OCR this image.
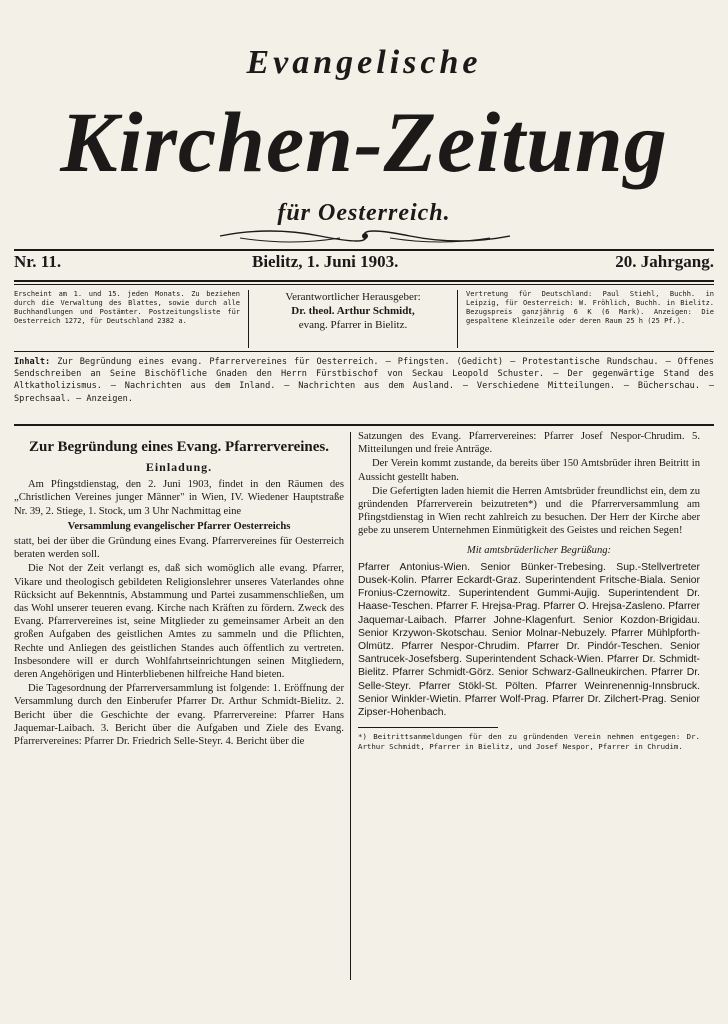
Evangelische
Kirchen-Zeitung
für Oesterreich.
Nr. 11.	Bielitz, 1. Juni 1903.	20. Jahrgang.
Erscheint am 1. und 15. jeden Monats. Zu beziehen durch die Verwaltung des Blattes, sowie durch alle Buchhandlungen und Postämter. Postzeitungsliste für Oesterreich 1272, für Deutschland 2382 a.
Verantwortlicher Herausgeber:
Dr. theol. Arthur Schmidt,
evang. Pfarrer in Bielitz.
Vertretung für Deutschland: Paul Stiehl, Buchh. in Leipzig, für Oesterreich: W. Fröhlich, Buchh. in Bielitz. Bezugspreis ganzjährig 6 K (6 Mark). Anzeigen: Die gespaltene Kleinzeile oder deren Raum 25 h (25 Pf.).
Inhalt: Zur Begründung eines evang. Pfarrervereines für Oesterreich. — Pfingsten. (Gedicht) — Protestantische Rundschau. — Offenes Sendschreiben an Seine Bischöfliche Gnaden den Herrn Fürstbischof von Seckau Leopold Schuster. — Der gegenwärtige Stand des Altkatholizismus. — Nachrichten aus dem Inland. — Nachrichten aus dem Ausland. — Verschiedene Mitteilungen. — Bücherschau. — Sprechsaal. — Anzeigen.
Zur Begründung eines Evang. Pfarrervereines.
Einladung.
Am Pfingstdienstag, den 2. Juni 1903, findet in den Räumen des „Christlichen Vereines junger Männer" in Wien, IV. Wiedener Hauptstraße Nr. 39, 2. Stiege, 1. Stock, um 3 Uhr Nachmittag eine
Versammlung evangelischer Pfarrer Oesterreichs
statt, bei der über die Gründung eines Evang. Pfarrervereines für Oesterreich beraten werden soll.
Die Not der Zeit verlangt es, daß sich womöglich alle evang. Pfarrer, Vikare und theologisch gebildeten Religionslehrer unseres Vaterlandes ohne Rücksicht auf Bekenntnis, Abstammung und Partei zusammenschließen, um das Wohl unserer teueren evang. Kirche nach Kräften zu fördern. Zweck des Evang. Pfarrervereines ist, seine Mitglieder zu gemeinsamer Arbeit an den großen Aufgaben des geistlichen Amtes zu sammeln und die Pflichten, Rechte und Anliegen des geistlichen Standes auch öffentlich zu vertreten. Insbesondere will er durch Wohlfahrtseinrichtungen seinen Mitgliedern, deren Angehörigen und Hinterbliebenen hilfreiche Hand bieten.
Die Tagesordnung der Pfarrerversammlung ist folgende: 1. Eröffnung der Versammlung durch den Einberufer Pfarrer Dr. Arthur Schmidt-Bielitz. 2. Bericht über die Geschichte der evang. Pfarrervereine: Pfarrer Hans Jaquemar-Laibach. 3. Bericht über die Aufgaben und Ziele des Evang. Pfarrervereines: Pfarrer Dr. Friedrich Selle-Steyr. 4. Bericht über die
Satzungen des Evang. Pfarrervereines: Pfarrer Josef Nespor-Chrudim. 5. Mitteilungen und freie Anträge.
Der Verein kommt zustande, da bereits über 150 Amtsbrüder ihren Beitritt in Aussicht gestellt haben.
Die Gefertigten laden hiemit die Herren Amtsbrüder freundlichst ein, dem zu gründenden Pfarrerverein beizutreten*) und die Pfarrerversammlung am Pfingstdienstag in Wien recht zahlreich zu besuchen. Der Herr der Kirche aber gebe zu unserem Unternehmen Einmütigkeit des Geistes und reichen Segen!
Mit amtsbrüderlicher Begrüßung:
Pfarrer Antonius-Wien. Senior Bünker-Trebesing. Sup.-Stellvertreter Dusek-Kolin. Pfarrer Eckardt-Graz. Superintendent Fritsche-Biala. Senior Fronius-Czernowitz. Superintendent Gummi-Aujig. Superintendent Dr. Haase-Teschen. Pfarrer F. Hrejsa-Prag. Pfarrer O. Hrejsa-Zasleno. Pfarrer Jaquemar-Laibach. Pfarrer Johne-Klagenfurt. Senior Kozdon-Brigidau. Senior Krzywon-Skotschau. Senior Molnar-Nebuzely. Pfarrer Mühlpforth-Olmütz. Pfarrer Nespor-Chrudim. Pfarrer Dr. Pindór-Teschen. Senior Santrucek-Josefsberg. Superintendent Schack-Wien. Pfarrer Dr. Schmidt-Bielitz. Pfarrer Schmidt-Görz. Senior Schwarz-Gallneukirchen. Pfarrer Dr. Selle-Steyr. Pfarrer Stökl-St. Pölten. Pfarrer Weinrenennig-Innsbruck. Senior Winkler-Wietin. Pfarrer Wolf-Prag. Pfarrer Dr. Zilchert-Prag. Senior Zipser-Hohenbach.
*) Beitrittsanmeldungen für den zu gründenden Verein nehmen entgegen: Dr. Arthur Schmidt, Pfarrer in Bielitz, und Josef Nespor, Pfarrer in Chrudim.
